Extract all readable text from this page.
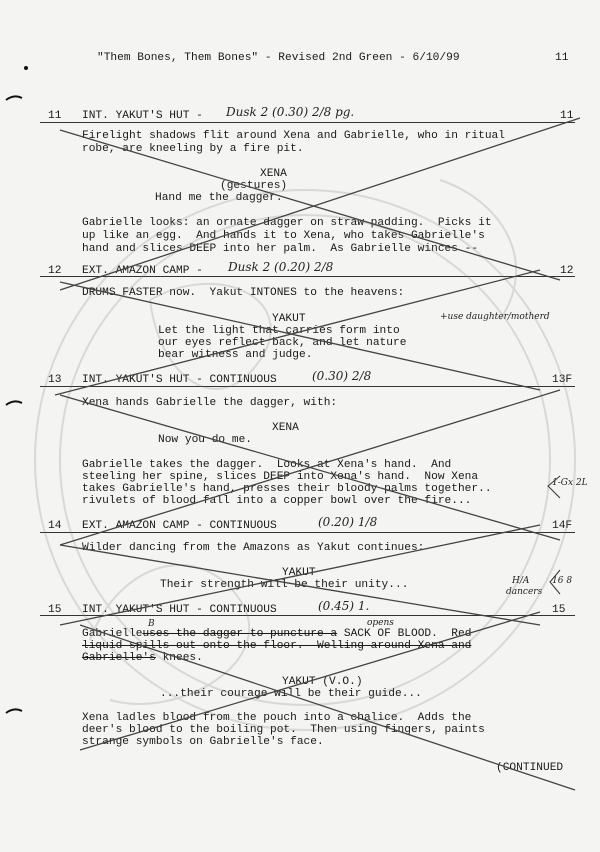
"Them Bones, Them Bones" - Revised 2nd Green - 6/10/99	11
11 INT. YAKUT'S HUT - Dusk 2 (0.30) 2/8 pg.	11
Firelight shadows flit around Xena and Gabrielle, who in ritual
robe, are kneeling by a fire pit.
XENA
(gestures)
Hand me the dagger.
Gabrielle looks: an ornate dagger on straw padding.  Picks it
up like an egg.  And hands it to Xena, who takes Gabrielle's
hand and slices DEEP into her palm.  As Gabrielle winces --
12 EXT. AMAZON CAMP - Dusk 2 (0.20) 2/8	12
DRUMS FASTER now.  Yakut INTONES to the heavens:
YAKUT
Let the light that carries form into
our eyes reflect back, and let nature
bear witness and judge.
+use daughter/motherd
13 INT. YAKUT'S HUT - CONTINUOUS	(0.30) 2/8	13F
Xena hands Gabrielle the dagger, with:
XENA
Now you do me.
Gabrielle takes the dagger.  Looks at Xena's hand.  And
steeling her spine, slices DEEP into Xena's hand.  Now Xena
takes Gabrielle's hand, presses their bloody palms together..
rivulets of blood fall into a copper bowl over the fire...
1-Gx 2L
14 EXT. AMAZON CAMP - CONTINUOUS	(0.20) 1/8	14F
Wilder dancing from the Amazons as Yakut continues:
YAKUT
Their strength will be their unity...	H/A
dancers
16 8
15 INT. YAKUT'S HUT - CONTINUOUS	(0.45) 1.	15
Gabrielleuses the dagger to puncture a SACK OF BLOOD.  Red
B	opens
liquid spills out onto the floor.  Welling around Xena and
Gabrielle's knees.
YAKUT (V.O.)
...their courage will be their guide...
Xena ladles blood from the pouch into a chalice.  Adds the
deer's blood to the boiling pot.  Then using fingers, paints
strange symbols on Gabrielle's face.
(CONTINUED
